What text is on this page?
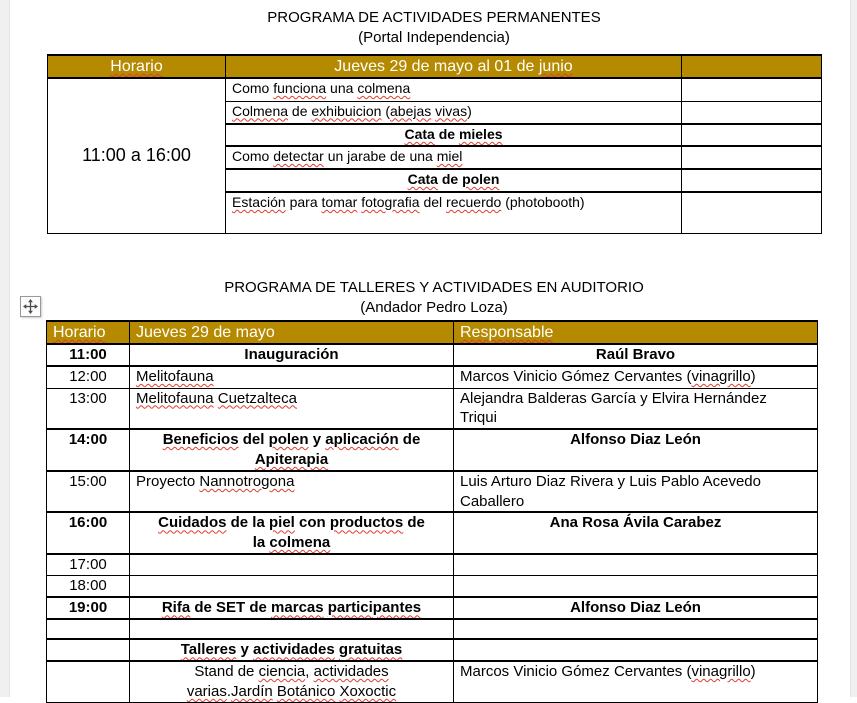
PROGRAMA DE ACTIVIDADES PERMANENTES
(Portal Independencia)
Horario	Jueves 29 de mayo al 01 de junio	
11:00 a 16:00	Como funciona una colmena	
	Colmena de exhibuicion (abejas vivas)	
	Cata de mieles	
	Como detectar un jarabe de una miel	
	Cata de polen	
	Estación para tomar fotografia del recuerdo (photobooth)	
PROGRAMA DE TALLERES Y ACTIVIDADES EN AUDITORIO
(Andador Pedro Loza)
Horario	Jueves 29 de mayo	Responsable
11:00	Inauguración	Raúl Bravo
12:00	Melitofauna	Marcos Vinicio Gómez Cervantes (vinagrillo)
13:00	Melitofauna Cuetzalteca	Alejandra Balderas García y Elvira Hernández
Triqui
14:00	Beneficios del polen y aplicación de
Apiterapia	Alfonso Diaz León
15:00	Proyecto Nannotrogona	Luis Arturo Diaz Rivera y Luis Pablo Acevedo
Caballero
16:00	Cuidados de la piel con productos de
la colmena	Ana Rosa Ávila Carabez
17:00		
18:00		
19:00	Rifa de SET de marcas participantes	Alfonso Diaz León

	Talleres y actividades gratuitas	
	Stand de ciencia, actividades
varias.Jardín Botánico Xoxoctic	Marcos Vinicio Gómez Cervantes (vinagrillo)
